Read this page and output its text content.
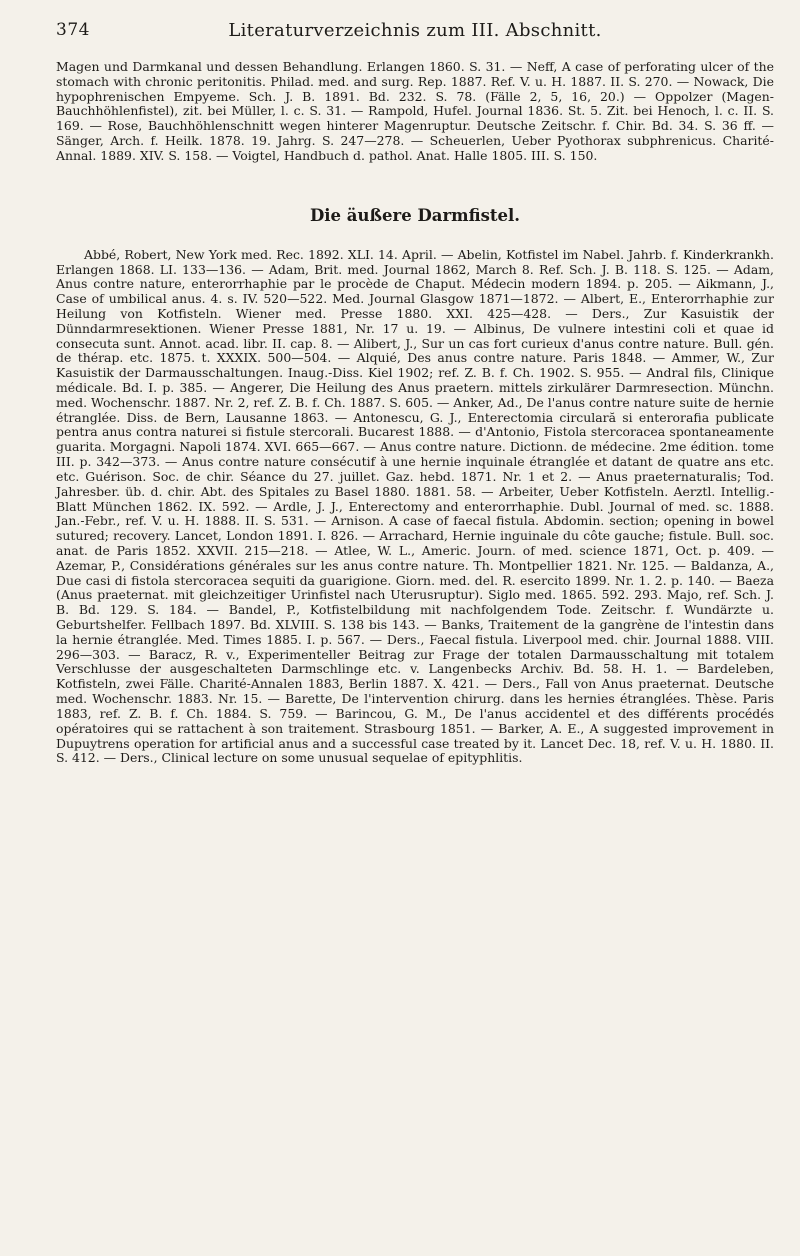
374	Literaturverzeichnis zum III. Abschnitt.

Magen und Darmkanal und dessen Behandlung. Erlangen 1860. S. 31. — Neff, A case of perforating ulcer of the stomach with chronic peritonitis. Philad. med. and surg. Rep. 1887. Ref. V. u. H. 1887. II. S. 270. — Nowack, Die hypophrenischen Empyeme. Sch. J. B. 1891. Bd. 232. S. 78. (Fälle 2, 5, 16, 20.) — Oppolzer (Magen-Bauchhöhlenfistel), zit. bei Müller, l. c. S. 31. — Rampold, Hufel. Journal 1836. St. 5. Zit. bei Henoch, l. c. II. S. 169. — Rose, Bauchhöhlenschnitt wegen hinterer Magenruptur. Deutsche Zeitschr. f. Chir. Bd. 34. S. 36 ff. — Sänger, Arch. f. Heilk. 1878. 19. Jahrg. S. 247—278. — Scheuerlen, Ueber Pyothorax subphrenicus. Charité-Annal. 1889. XIV. S. 158. — Voigtel, Handbuch d. pathol. Anat. Halle 1805. III. S. 150.

Die äußere Darmfistel.

Abbé, Robert, New York med. Rec. 1892. XLI. 14. April. — Abelin, Kotfistel im Nabel. Jahrb. f. Kinderkrankh. Erlangen 1868. LI. 133—136. — Adam, Brit. med. Journal 1862, March 8. Ref. Sch. J. B. 118. S. 125. — Adam, Anus contre nature, enterorrhaphie par le procède de Chaput. Médecin modern 1894. p. 205. — Aikmann, J., Case of umbilical anus. 4. s. IV. 520—522. Med. Journal Glasgow 1871—1872. — Albert, E., Enterorrhaphie zur Heilung von Kotfisteln. Wiener med. Presse 1880. XXI. 425—428. — Ders., Zur Kasuistik der Dünndarmresektionen. Wiener Presse 1881, Nr. 17 u. 19. — Albinus, De vulnere intestini coli et quae id consecuta sunt. Annot. acad. libr. II. cap. 8. — Alibert, J., Sur un cas fort curieux d'anus contre nature. Bull. gén. de thérap. etc. 1875. t. XXXIX. 500—504. — Alquié, Des anus contre nature. Paris 1848. — Ammer, W., Zur Kasuistik der Darmausschaltungen. Inaug.-Diss. Kiel 1902; ref. Z. B. f. Ch. 1902. S. 955. — Andral fils, Clinique médicale. Bd. I. p. 385. — Angerer, Die Heilung des Anus praetern. mittels zirkulärer Darmresection. Münchn. med. Wochenschr. 1887. Nr. 2, ref. Z. B. f. Ch. 1887. S. 605. — Anker, Ad., De l'anus contre nature suite de hernie étranglée. Diss. de Bern, Lausanne 1863. — Antonescu, G. J., Enterectomia circulară si enterorafia publicate pentra anus contra naturei si fistule stercorali. Bucarest 1888. — d'Antonio, Fistola stercoracea spontaneamente guarita. Morgagni. Napoli 1874. XVI. 665—667. — Anus contre nature. Dictionn. de médecine. 2me édition. tome III. p. 342—373. — Anus contre nature consécutif à une hernie inquinale étranglée et datant de quatre ans etc. etc. Guérison. Soc. de chir. Séance du 27. juillet. Gaz. hebd. 1871. Nr. 1 et 2. — Anus praeternaturalis; Tod. Jahresber. üb. d. chir. Abt. des Spitales zu Basel 1880. 1881. 58. — Arbeiter, Ueber Kotfisteln. Aerztl. Intellig.-Blatt München 1862. IX. 592. — Ardle, J. J., Enterectomy and enterorrhaphie. Dubl. Journal of med. sc. 1888. Jan.-Febr., ref. V. u. H. 1888. II. S. 531. — Arnison. A case of faecal fistula. Abdomin. section; opening in bowel sutured; recovery. Lancet, London 1891. I. 826. — Arrachard, Hernie inguinale du côte gauche; fistule. Bull. soc. anat. de Paris 1852. XXVII. 215—218. — Atlee, W. L., Americ. Journ. of med. science 1871, Oct. p. 409. — Azemar, P., Considérations générales sur les anus contre nature. Th. Montpellier 1821. Nr. 125. — Baldanza, A., Due casi di fistola stercoracea sequiti da guarigione. Giorn. med. del. R. esercito 1899. Nr. 1. 2. p. 140. — Baeza (Anus praeternat. mit gleichzeitiger Urinfistel nach Uterusruptur). Siglo med. 1865. 592. 293. Majo, ref. Sch. J. B. Bd. 129. S. 184. — Bandel, P., Kotfistelbildung mit nachfolgendem Tode. Zeitschr. f. Wundärzte u. Geburtshelfer. Fellbach 1897. Bd. XLVIII. S. 138 bis 143. — Banks, Traitement de la gangrène de l'intestin dans la hernie étranglée. Med. Times 1885. I. p. 567. — Ders., Faecal fistula. Liverpool med. chir. Journal 1888. VIII. 296—303. — Baracz, R. v., Experimenteller Beitrag zur Frage der totalen Darmausschaltung mit totalem Verschlusse der ausgeschalteten Darmschlinge etc. v. Langenbecks Archiv. Bd. 58. H. 1. — Bardeleben, Kotfisteln, zwei Fälle. Charité-Annalen 1883, Berlin 1887. X. 421. — Ders., Fall von Anus praeternat. Deutsche med. Wochenschr. 1883. Nr. 15. — Barette, De l'intervention chirurg. dans les hernies étranglées. Thèse. Paris 1883, ref. Z. B. f. Ch. 1884. S. 759. — Barincou, G. M., De l'anus accidentel et des différents procédés opératoires qui se rattachent à son traitement. Strasbourg 1851. — Barker, A. E., A suggested improvement in Dupuytrens operation for artificial anus and a successful case treated by it. Lancet Dec. 18, ref. V. u. H. 1880. II. S. 412. — Ders., Clinical lecture on some unusual sequelae of epityphlitis.
